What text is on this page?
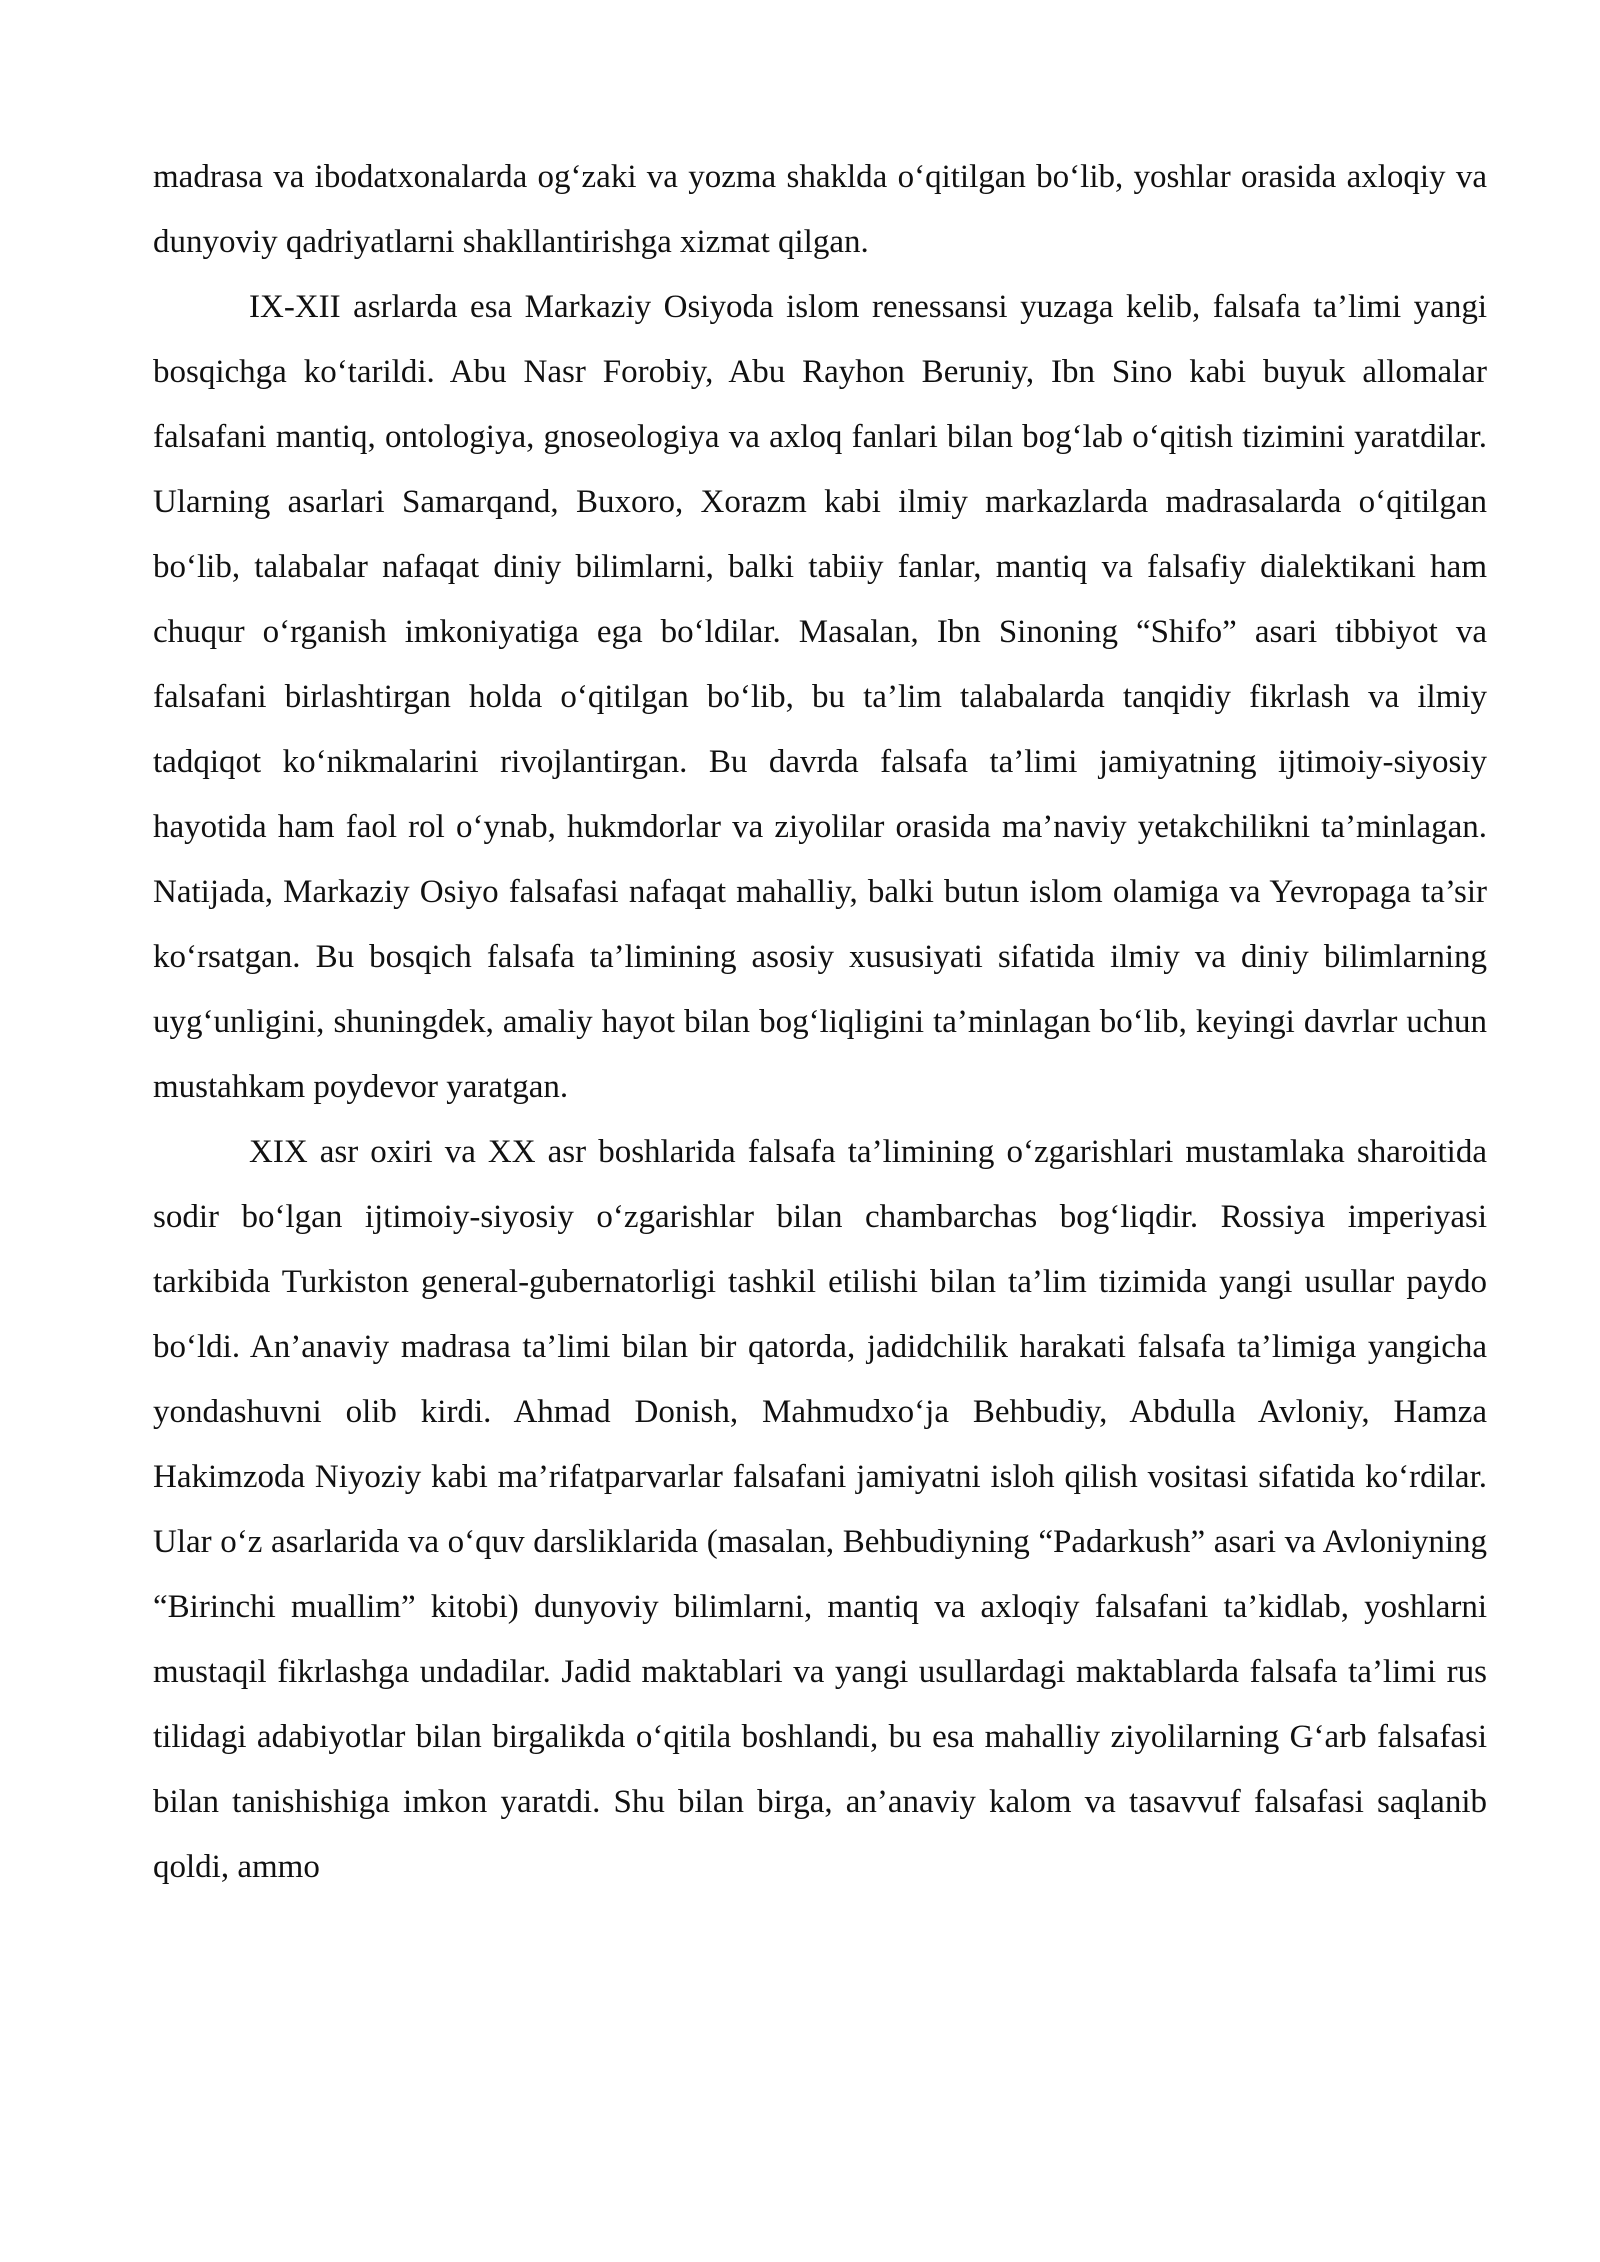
madrasa va ibodatxonalarda og‘zaki va yozma shaklda o‘qitilgan bo‘lib, yoshlar orasida axloqiy va dunyoviy qadriyatlarni shakllantirishga xizmat qilgan.

IX-XII asrlarda esa Markaziy Osiyoda islom renessansi yuzaga kelib, falsafa ta’limi yangi bosqichga ko‘tarildi. Abu Nasr Forobiy, Abu Rayhon Beruniy, Ibn Sino kabi buyuk allomalar falsafani mantiq, ontologiya, gnoseologiya va axloq fanlari bilan bog‘lab o‘qitish tizimini yaratdilar. Ularning asarlari Samarqand, Buxoro, Xorazm kabi ilmiy markazlarda madrasalarda o‘qitilgan bo‘lib, talabalar nafaqat diniy bilimlarni, balki tabiiy fanlar, mantiq va falsafiy dialektikani ham chuqur o‘rganish imkoniyatiga ega bo‘ldilar. Masalan, Ibn Sinoning “Shifo” asari tibbiyot va falsafani birlashtirgan holda o‘qitilgan bo‘lib, bu ta’lim talabalarda tanqidiy fikrlash va ilmiy tadqiqot ko‘nikmalarini rivojlantirgan. Bu davrda falsafa ta’limi jamiyatning ijtimoiy-siyosiy hayotida ham faol rol o‘ynab, hukmdorlar va ziyolilar orasida ma’naviy yetakchilikni ta’minlagan. Natijada, Markaziy Osiyo falsafasi nafaqat mahalliy, balki butun islom olamiga va Yevropaga ta’sir ko‘rsatgan. Bu bosqich falsafa ta’limining asosiy xususiyati sifatida ilmiy va diniy bilimlarning uyg‘unligini, shuningdek, amaliy hayot bilan bog‘liqligini ta’minlagan bo‘lib, keyingi davrlar uchun mustahkam poydevor yaratgan.

XIX asr oxiri va XX asr boshlarida falsafa ta’limining o‘zgarishlari mustamlaka sharoitida sodir bo‘lgan ijtimoiy-siyosiy o‘zgarishlar bilan chambarchas bog‘liqdir. Rossiya imperiyasi tarkibida Turkiston general-gubernatorligi tashkil etilishi bilan ta’lim tizimida yangi usullar paydo bo‘ldi. An’anaviy madrasa ta’limi bilan bir qatorda, jadidchilik harakati falsafa ta’limiga yangicha yondashuvni olib kirdi. Ahmad Donish, Mahmudxo‘ja Behbudiy, Abdulla Avloniy, Hamza Hakimzoda Niyoziy kabi ma’rifatparvarlar falsafani jamiyatni isloh qilish vositasi sifatida ko‘rdilar. Ular o‘z asarlarida va o‘quv darsliklarida (masalan, Behbudiyning “Padarkush” asari va Avloniyning “Birinchi muallim” kitobi) dunyoviy bilimlarni, mantiq va axloqiy falsafani ta’kidlab, yoshlarni mustaqil fikrlashga undadilar. Jadid maktablari va yangi usullardagi maktablarda falsafa ta’limi rus tilidagi adabiyotlar bilan birgalikda o‘qitila boshlandi, bu esa mahalliy ziyolilarning G‘arb falsafasi bilan tanishishiga imkon yaratdi. Shu bilan birga, an’anaviy kalom va tasavvuf falsafasi saqlanib qoldi, ammo
